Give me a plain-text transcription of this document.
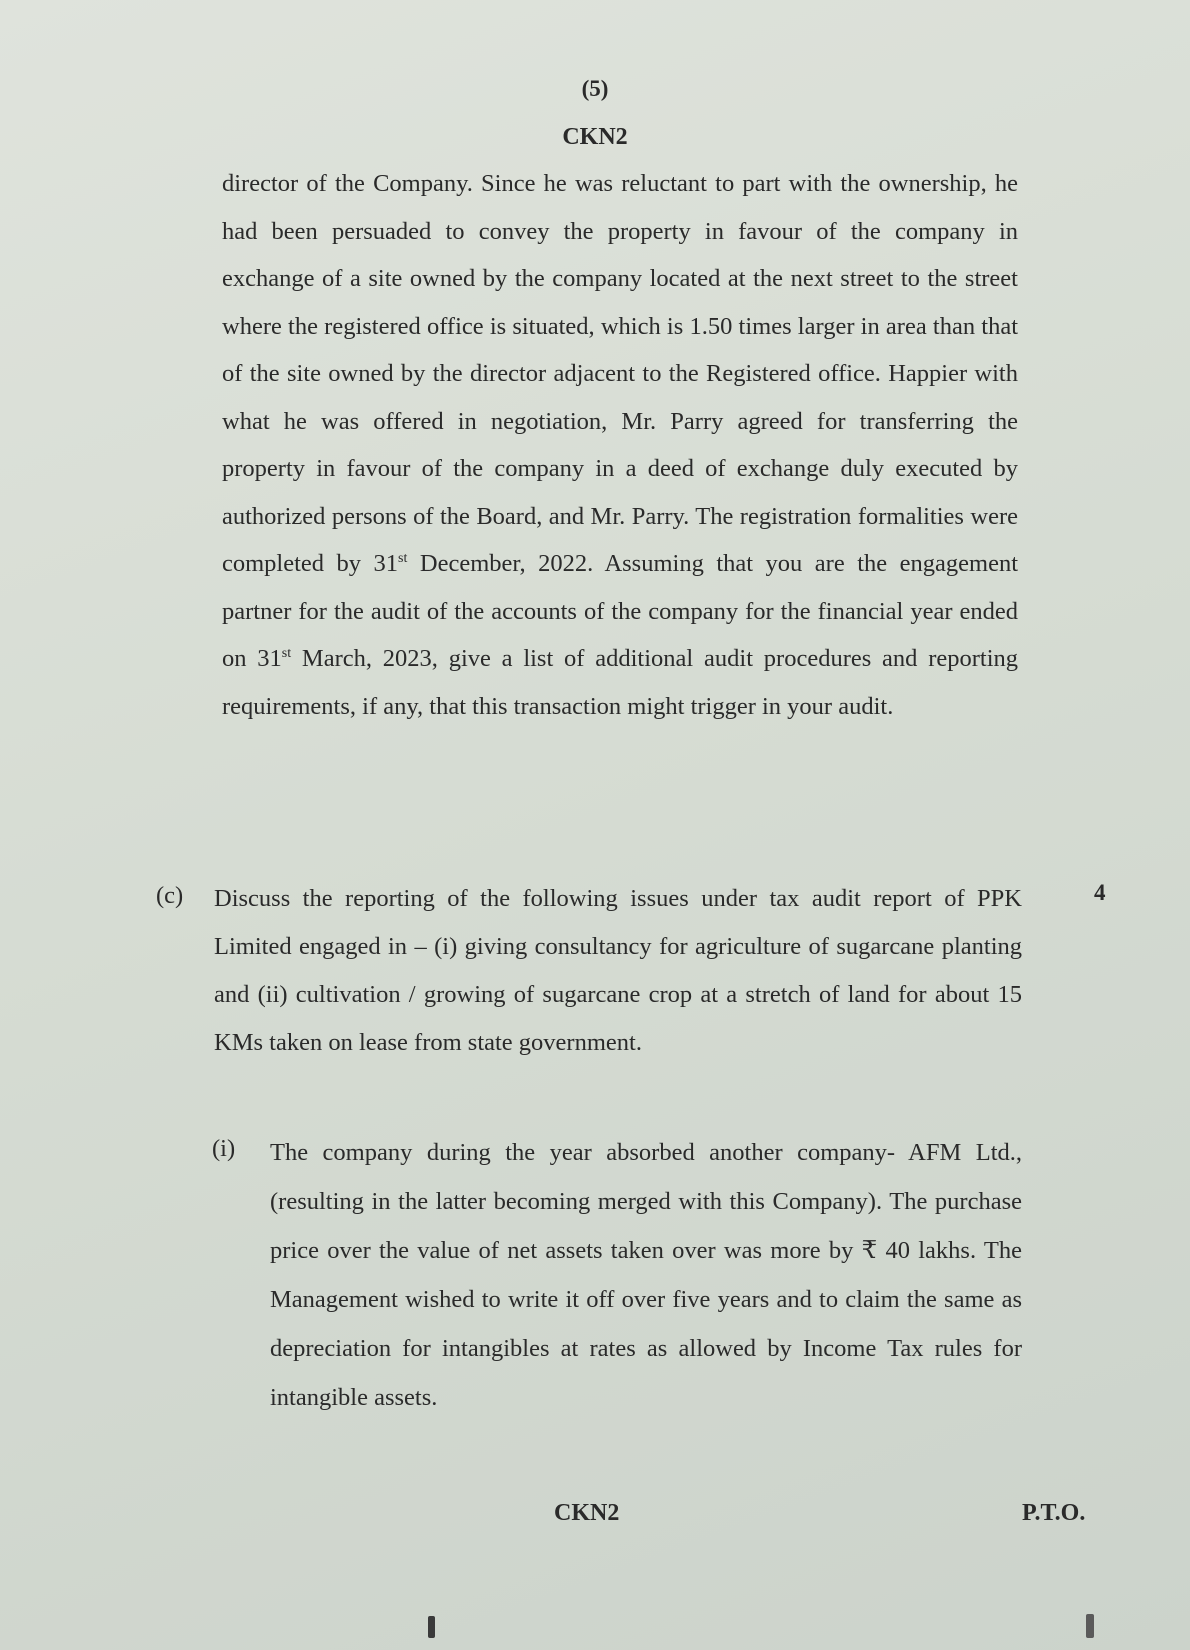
(5)
CKN2

director of the Company. Since he was reluctant to part with the ownership, he had been persuaded to convey the property in favour of the company in exchange of a site owned by the company located at the next street to the street where the registered office is situated, which is 1.50 times larger in area than that of the site owned by the director adjacent to the Registered office. Happier with what he was offered in negotiation, Mr. Parry agreed for transferring the property in favour of the company in a deed of exchange duly executed by authorized persons of the Board, and Mr. Parry. The registration formalities were completed by 31st December, 2022. Assuming that you are the engagement partner for the audit of the accounts of the company for the financial year ended on 31st March, 2023, give a list of additional audit procedures and reporting requirements, if any, that this transaction might trigger in your audit.

(c) Discuss the reporting of the following issues under tax audit report of PPK Limited engaged in – (i) giving consultancy for agriculture of sugarcane planting and (ii) cultivation / growing of sugarcane crop at a stretch of land for about 15 KMs taken on lease from state government.

4
(i) The company during the year absorbed another company- AFM Ltd., (resulting in the latter becoming merged with this Company). The purchase price over the value of net assets taken over was more by ₹ 40 lakhs. The Management wished to write it off over five years and to claim the same as depreciation for intangibles at rates as allowed by Income Tax rules for intangible assets.

CKN2	P.T.O.
